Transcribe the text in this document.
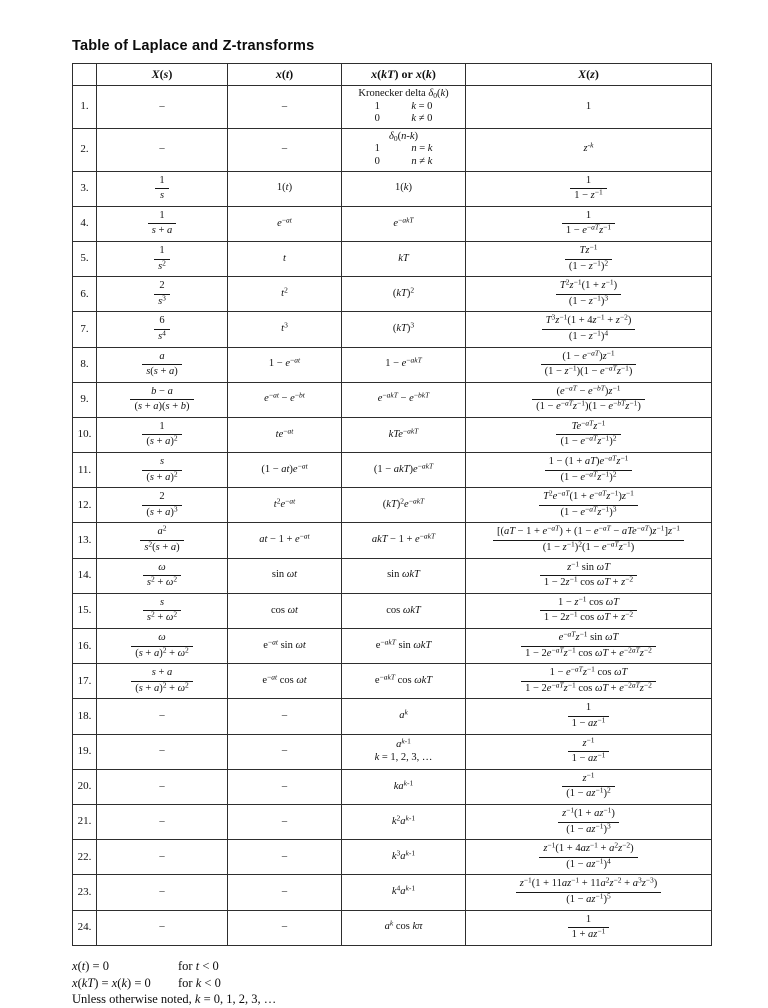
Table of Laplace and Z-transforms
	X(s)	x(t)	x(kT) or x(k)	X(z)
1.	–	–	Kronecker delta $\delta_0(k)$
1   k = 0
0   k ≠ 0	1
2.	–	–	$\delta_0(n-k)$
1   n = k
0   n ≠ k	$z^{-k}$
3.	$\frac{1}{s}$	1(t)	1(k)	$\frac{1}{1 - z^{-1}}$

4.	$\frac{1}{s + a}$	$e^{-at}$	$e^{-akT}$	$\frac{1}{1 - e^{-aT}z^{-1}}$

5.	$\frac{1}{s^2}$	t	kT	$\frac{Tz^{-1}}{(1 - z^{-1})^2}$

6.	$\frac{2}{s^3}$	$t^2$	(kT)$^2$	$\frac{T^2z^{-1}(1 + z^{-1})}{(1 - z^{-1})^3}$

7.	$\frac{6}{s^4}$	$t^3$	(kT)$^3$	$\frac{T^3z^{-1}(1 + 4z^{-1} + z^{-2})}{(1 - z^{-1})^4}$

8.	$\frac{a}{s(s + a)}$	$1 - e^{-at}$	$1 - e^{-akT}$	$\frac{(1 - e^{-aT})z^{-1}}{(1 - z^{-1})(1 - e^{-aT}z^{-1})}$

9.	$\frac{b - a}{(s + a)(s + b)}$	$e^{-at} - e^{-bt}$	$e^{-akT} - e^{-bkT}$	$\frac{(e^{-aT} - e^{-bT})z^{-1}}{(1 - e^{-aT}z^{-1})(1 - e^{-bT}z^{-1})}$

10.	$\frac{1}{(s + a)^2}$	$te^{-at}$	kTe$^{-akT}$	$\frac{Te^{-aT}z^{-1}}{(1 - e^{-aT}z^{-1})^2}$

11.	$\frac{s}{(s + a)^2}$	$(1 - at)e^{-at}$	$(1 - akT)e^{-akT}$	$\frac{1 - (1 + aT)e^{-aT}z^{-1}}{(1 - e^{-aT}z^{-1})^2}$

12.	$\frac{2}{(s + a)^3}$	$t^2e^{-at}$	$(kT)^2e^{-akT}$	$\frac{T^2e^{-aT}(1 + e^{-aT}z^{-1})z^{-1}}{(1 - e^{-aT}z^{-1})^3}$

13.	$\frac{a^2}{s^2(s + a)}$	at − $1 + e^{-at}$	akT − $1 + e^{-akT}$	$\frac{[(aT - 1 + e^{-aT}) + (1 - e^{-aT} - aTe^{-aT})z^{-1}]z^{-1}}{(1 - z^{-1})^2(1 - e^{-aT}z^{-1})}$

14.	$\frac{\omega}{s^2 + \omega^2}$	sin ωt	sin ωkT	$\frac{z^{-1} \sin \omega T}{1 - 2z^{-1} \cos \omega T + z^{-2}}$

15.	$\frac{s}{s^2 + \omega^2}$	cos ωt	cos ωkT	$\frac{1 - z^{-1} \cos \omega T}{1 - 2z^{-1} \cos \omega T + z^{-2}}$

16.	$\frac{\omega}{(s + a)^2 + \omega^2}$	$e^{-at}$ sin ωt	$e^{-akT}$ sin ωkT	$\frac{e^{-aT}z^{-1} \sin \omega T}{1 - 2e^{-aT}z^{-1} \cos \omega T + e^{-2aT}z^{-2}}$

17.	$\frac{s + a}{(s + a)^2 + \omega^2}$	$e^{-at}$ cos ωt	$e^{-akT}$ cos ωkT	$\frac{1 - e^{-aT}z^{-1} \cos \omega T}{1 - 2e^{-aT}z^{-1} \cos \omega T + e^{-2aT}z^{-2}}$

18.	–	–	$a^k$	$\frac{1}{1 - az^{-1}}$

19.	–	–	$a^{k-1}$
k = 1, 2, 3, …	$\frac{z^{-1}}{1 - az^{-1}}$

20.	–	–	$ka^{k-1}$	$\frac{z^{-1}}{(1 - az^{-1})^2}$

21.	–	–	$k^2a^{k-1}$	$\frac{z^{-1}(1 + az^{-1})}{(1 - az^{-1})^3}$

22.	–	–	$k^3a^{k-1}$	$\frac{z^{-1}(1 + 4az^{-1} + a^2z^{-2})}{(1 - az^{-1})^4}$

23.	–	–	$k^4a^{k-1}$	$\frac{z^{-1}(1 + 11az^{-1} + 11a^2z^{-2} + a^3z^{-3})}{(1 - az^{-1})^5}$

24.	–	–	$a^k$ cos kπ	$\frac{1}{1 + az^{-1}}$
x(t) = 0	for t < 0
x(kT) = x(k) = 0 for k < 0
Unless otherwise noted, k = 0, 1, 2, 3, …
